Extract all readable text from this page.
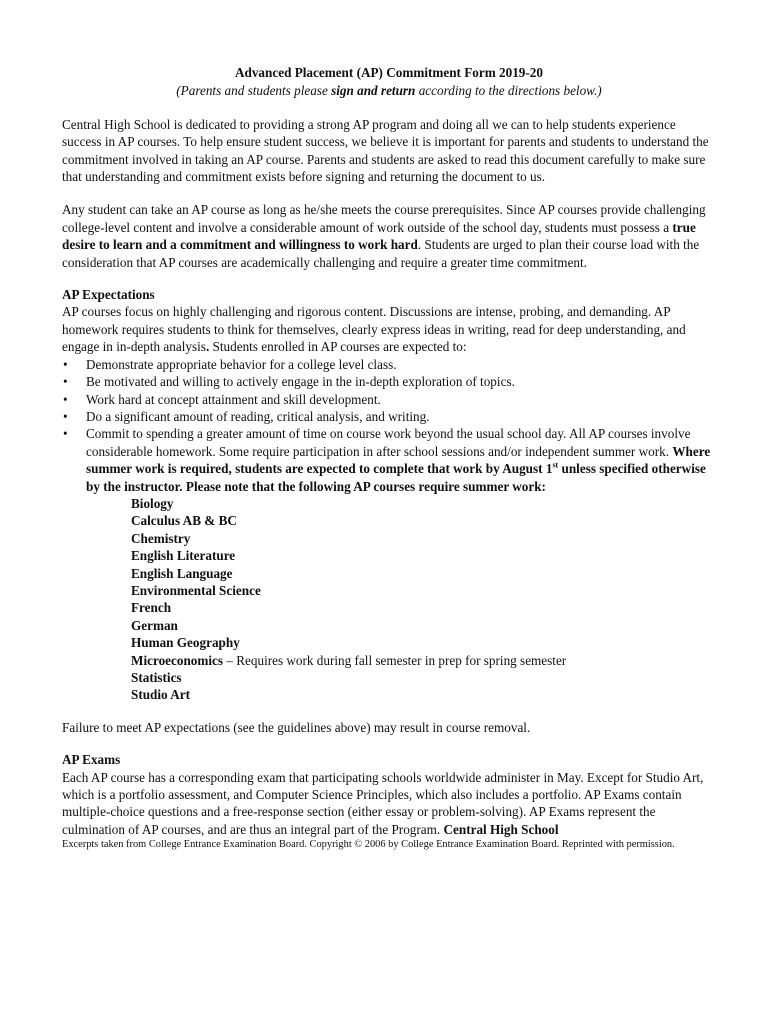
Advanced Placement (AP) Commitment Form 2019-20
(Parents and students please sign and return according to the directions below.)

Central High School is dedicated to providing a strong AP program and doing all we can to help students experience success in AP courses. To help ensure student success, we believe it is important for parents and students to understand the commitment involved in taking an AP course. Parents and students are asked to read this document carefully to make sure that understanding and commitment exists before signing and returning the document to us.

Any student can take an AP course as long as he/she meets the course prerequisites. Since AP courses provide challenging college-level content and involve a considerable amount of work outside of the school day, students must possess a true desire to learn and a commitment and willingness to work hard. Students are urged to plan their course load with the consideration that AP courses are academically challenging and require a greater time commitment.

AP Expectations

AP courses focus on highly challenging and rigorous content. Discussions are intense, probing, and demanding. AP homework requires students to think for themselves, clearly express ideas in writing, read for deep understanding, and engage in in-depth analysis. Students enrolled in AP courses are expected to:

• Demonstrate appropriate behavior for a college level class.
• Be motivated and willing to actively engage in the in-depth exploration of topics.
• Work hard at concept attainment and skill development.
• Do a significant amount of reading, critical analysis, and writing.
• Commit to spending a greater amount of time on course work beyond the usual school day. All AP courses involve considerable homework. Some require participation in after school sessions and/or independent summer work. Where summer work is required, students are expected to complete that work by August 1st unless specified otherwise by the instructor. Please note that the following AP courses require summer work:
Biology
Calculus AB & BC
Chemistry
English Literature
English Language
Environmental Science
French
German
Human Geography
Microeconomics – Requires work during fall semester in prep for spring semester
Statistics
Studio Art

Failure to meet AP expectations (see the guidelines above) may result in course removal.

AP Exams

Each AP course has a corresponding exam that participating schools worldwide administer in May. Except for Studio Art, which is a portfolio assessment, and Computer Science Principles, which also includes a portfolio. AP Exams contain multiple-choice questions and a free-response section (either essay or problem-solving). AP Exams represent the culmination of AP courses, and are thus an integral part of the Program. Central High School

Excerpts taken from College Entrance Examination Board. Copyright © 2006 by College Entrance Examination Board. Reprinted with permission.
